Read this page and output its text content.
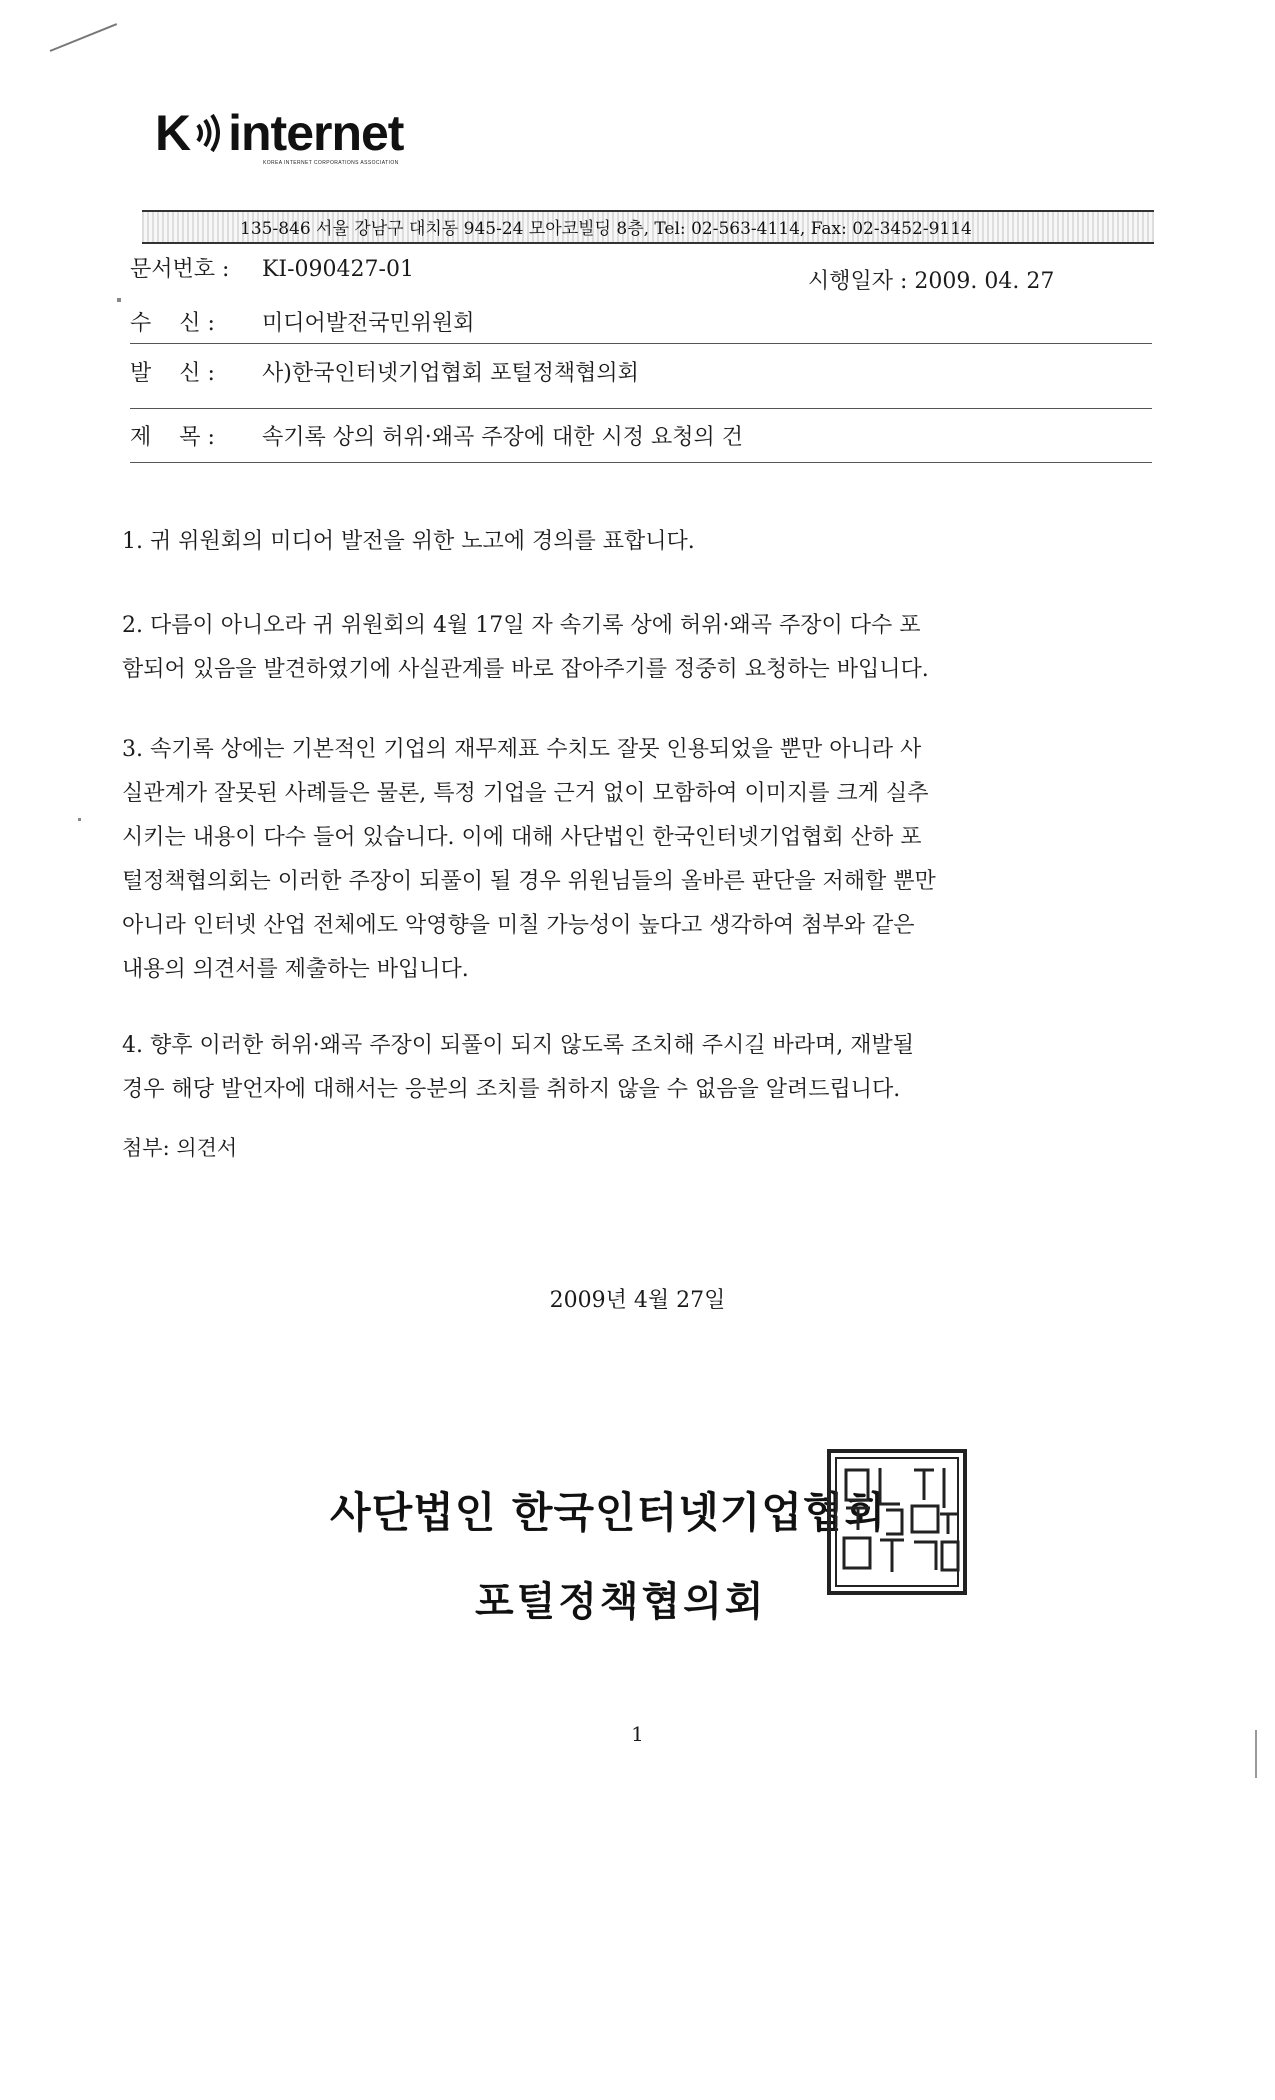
K internet
KOREA INTERNET CORPORATIONS ASSOCIATION
135-846 서울 강남구 대치동 945-24 모아코빌딩 8층, Tel: 02-563-4114, Fax: 02-3452-9114
문서번호 : KI-090427-01	시행일자 : 2009. 04. 27
수    신 : 미디어발전국민위원회
발    신 : 사)한국인터넷기업협회 포털정책협의회
제    목 : 속기록 상의 허위·왜곡 주장에 대한 시정 요청의 건
1. 귀 위원회의 미디어 발전을 위한 노고에 경의를 표합니다.
2. 다름이 아니오라 귀 위원회의 4월 17일 자 속기록 상에 허위·왜곡 주장이 다수 포
함되어 있음을 발견하였기에 사실관계를 바로 잡아주기를 정중히 요청하는 바입니다.
3. 속기록 상에는 기본적인 기업의 재무제표 수치도 잘못 인용되었을 뿐만 아니라 사
실관계가 잘못된 사례들은 물론, 특정 기업을 근거 없이 모함하여 이미지를 크게 실추
시키는 내용이 다수 들어 있습니다. 이에 대해 사단법인 한국인터넷기업협회 산하 포
털정책협의회는 이러한 주장이 되풀이 될 경우 위원님들의 올바른 판단을 저해할 뿐만
아니라 인터넷 산업 전체에도 악영향을 미칠 가능성이 높다고 생각하여 첨부와 같은
내용의 의견서를 제출하는 바입니다.
4. 향후 이러한 허위·왜곡 주장이 되풀이 되지 않도록 조치해 주시길 바라며, 재발될
경우 해당 발언자에 대해서는 응분의 조치를 취하지 않을 수 없음을 알려드립니다.
첨부: 의견서
2009년 4월 27일
사단법인 한국인터넷기업협회
포털정책협의회	한국인터넷기업협회사단법인
1
